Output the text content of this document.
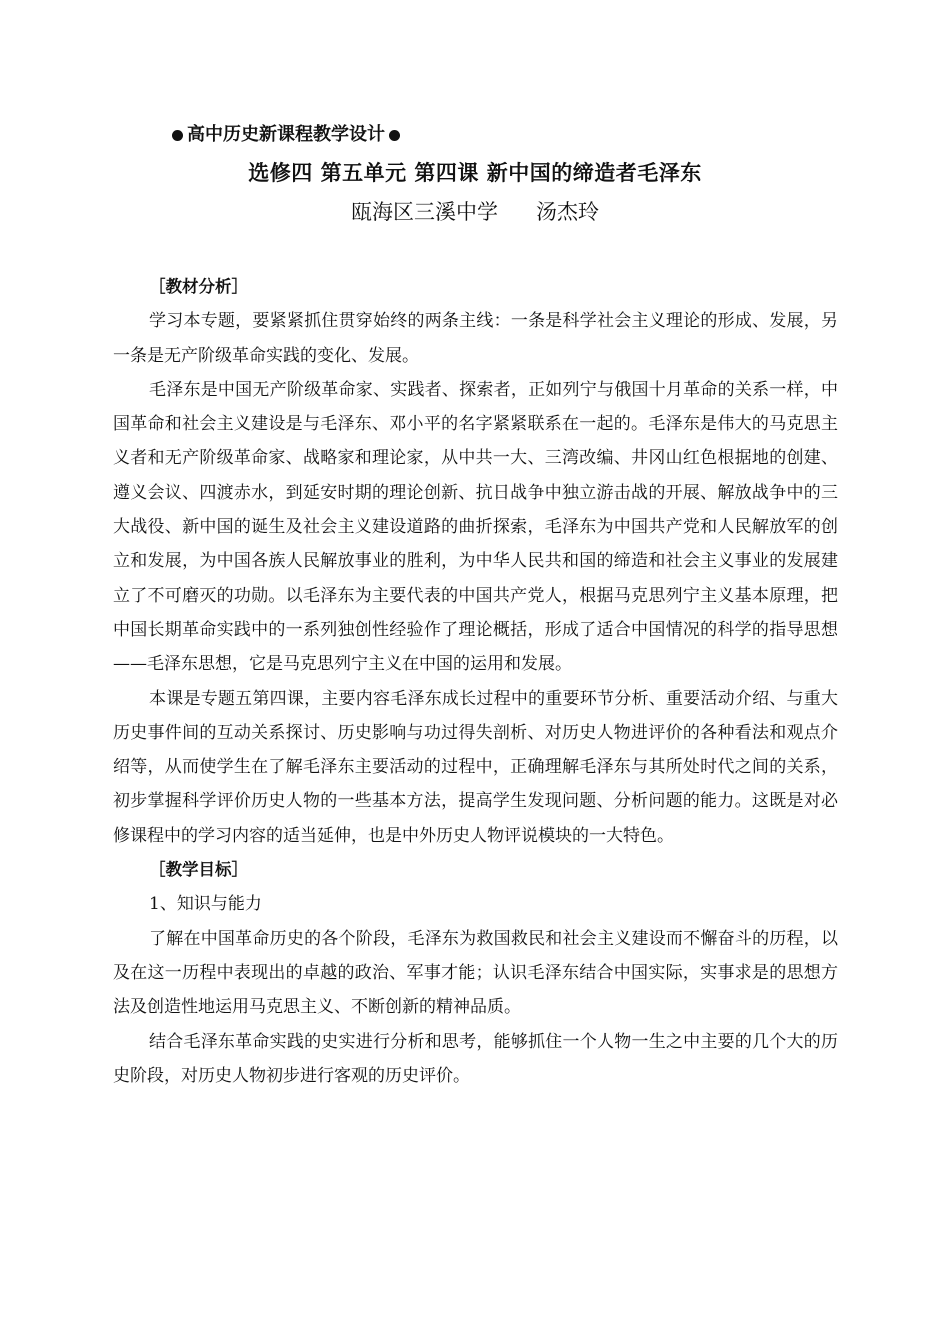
高中历史新课程教学设计
选修四 第五单元 第四课 新中国的缔造者毛泽东
瓯海区三溪中学 汤杰玲
［教材分析］

学习本专题，要紧紧抓住贯穿始终的两条主线：一条是科学社会主义理论的形成、发展，另一条是无产阶级革命实践的变化、发展。

毛泽东是中国无产阶级革命家、实践者、探索者，正如列宁与俄国十月革命的关系一样，中国革命和社会主义建设是与毛泽东、邓小平的名字紧紧联系在一起的。毛泽东是伟大的马克思主义者和无产阶级革命家、战略家和理论家，从中共一大、三湾改编、井冈山红色根据地的创建、遵义会议、四渡赤水，到延安时期的理论创新、抗日战争中独立游击战的开展、解放战争中的三大战役、新中国的诞生及社会主义建设道路的曲折探索，毛泽东为中国共产党和人民解放军的创立和发展，为中国各族人民解放事业的胜利，为中华人民共和国的缔造和社会主义事业的发展建立了不可磨灭的功勋。以毛泽东为主要代表的中国共产党人，根据马克思列宁主义基本原理，把中国长期革命实践中的一系列独创性经验作了理论概括，形成了适合中国情况的科学的指导思想——毛泽东思想，它是马克思列宁主义在中国的运用和发展。

本课是专题五第四课，主要内容毛泽东成长过程中的重要环节分析、重要活动介绍、与重大历史事件间的互动关系探讨、历史影响与功过得失剖析、对历史人物进评价的各种看法和观点介绍等，从而使学生在了解毛泽东主要活动的过程中，正确理解毛泽东与其所处时代之间的关系，初步掌握科学评价历史人物的一些基本方法，提高学生发现问题、分析问题的能力。这既是对必修课程中的学习内容的适当延伸，也是中外历史人物评说模块的一大特色。

［教学目标］
1、知识与能力

了解在中国革命历史的各个阶段，毛泽东为救国救民和社会主义建设而不懈奋斗的历程，以及在这一历程中表现出的卓越的政治、军事才能；认识毛泽东结合中国实际，实事求是的思想方法及创造性地运用马克思主义、不断创新的精神品质。

结合毛泽东革命实践的史实进行分析和思考，能够抓住一个人物一生之中主要的几个大的历史阶段，对历史人物初步进行客观的历史评价。
